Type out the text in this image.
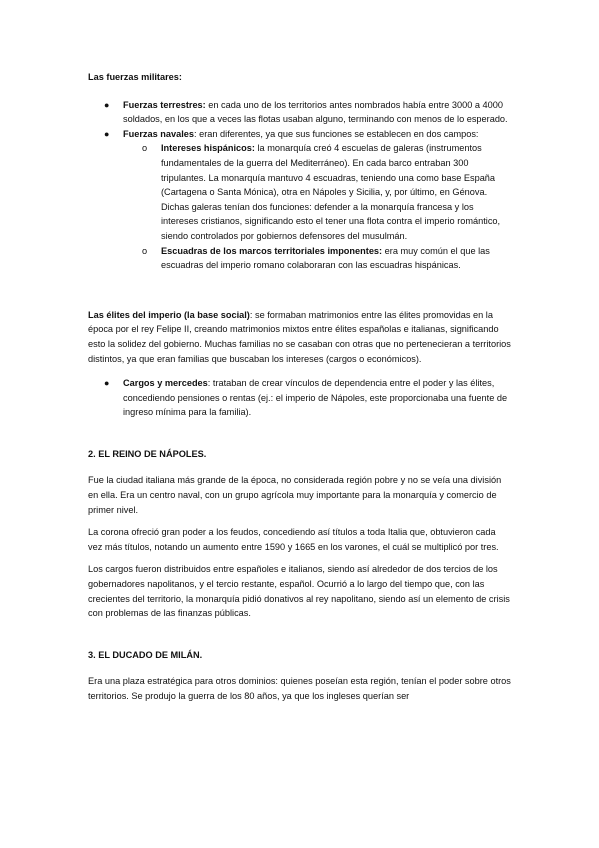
Las fuerzas militares:

● Fuerzas terrestres: en cada uno de los territorios antes nombrados había entre 3000 a 4000 soldados, en los que a veces las flotas usaban alguno, terminando con menos de lo esperado.
● Fuerzas navales: eran diferentes, ya que sus funciones se establecen en dos campos:
o Intereses hispánicos: la monarquía creó 4 escuelas de galeras (instrumentos fundamentales de la guerra del Mediterráneo). En cada barco entraban 300 tripulantes. La monarquía mantuvo 4 escuadras, teniendo una como base España (Cartagena o Santa Mónica), otra en Nápoles y Sicilia, y, por último, en Génova. Dichas galeras tenían dos funciones: defender a la monarquía francesa y los intereses cristianos, significando esto el tener una flota contra el imperio romántico, siendo controlados por gobiernos defensores del musulmán.
o Escuadras de los marcos territoriales imponentes: era muy común el que las escuadras del imperio romano colaboraran con las escuadras hispánicas.

Las élites del imperio (la base social): se formaban matrimonios entre las élites promovidas en la época por el rey Felipe II, creando matrimonios mixtos entre élites españolas e italianas, significando esto la solidez del gobierno. Muchas familias no se casaban con otras que no pertenecieran a territorios distintos, ya que eran familias que buscaban los intereses (cargos o económicos).

● Cargos y mercedes: trataban de crear vínculos de dependencia entre el poder y las élites, concediendo pensiones o rentas (ej.: el imperio de Nápoles, este proporcionaba una fuente de ingreso mínima para la familia).

2. EL REINO DE NÁPOLES.

Fue la ciudad italiana más grande de la época, no considerada región pobre y no se veía una división en ella. Era un centro naval, con un grupo agrícola muy importante para la monarquía y comercio de primer nivel.

La corona ofreció gran poder a los feudos, concediendo así títulos a toda Italia que, obtuvieron cada vez más títulos, notando un aumento entre 1590 y 1665 en los varones, el cuál se multiplicó por tres.

Los cargos fueron distribuidos entre españoles e italianos, siendo así alrededor de dos tercios de los gobernadores napolitanos, y el tercio restante, español. Ocurrió a lo largo del tiempo que, con las crecientes del territorio, la monarquía pidió donativos al rey napolitano, siendo así un elemento de crisis con problemas de las finanzas públicas.

3. EL DUCADO DE MILÁN.

Era una plaza estratégica para otros dominios: quienes poseían esta región, tenían el poder sobre otros territorios. Se produjo la guerra de los 80 años, ya que los ingleses querían ser
